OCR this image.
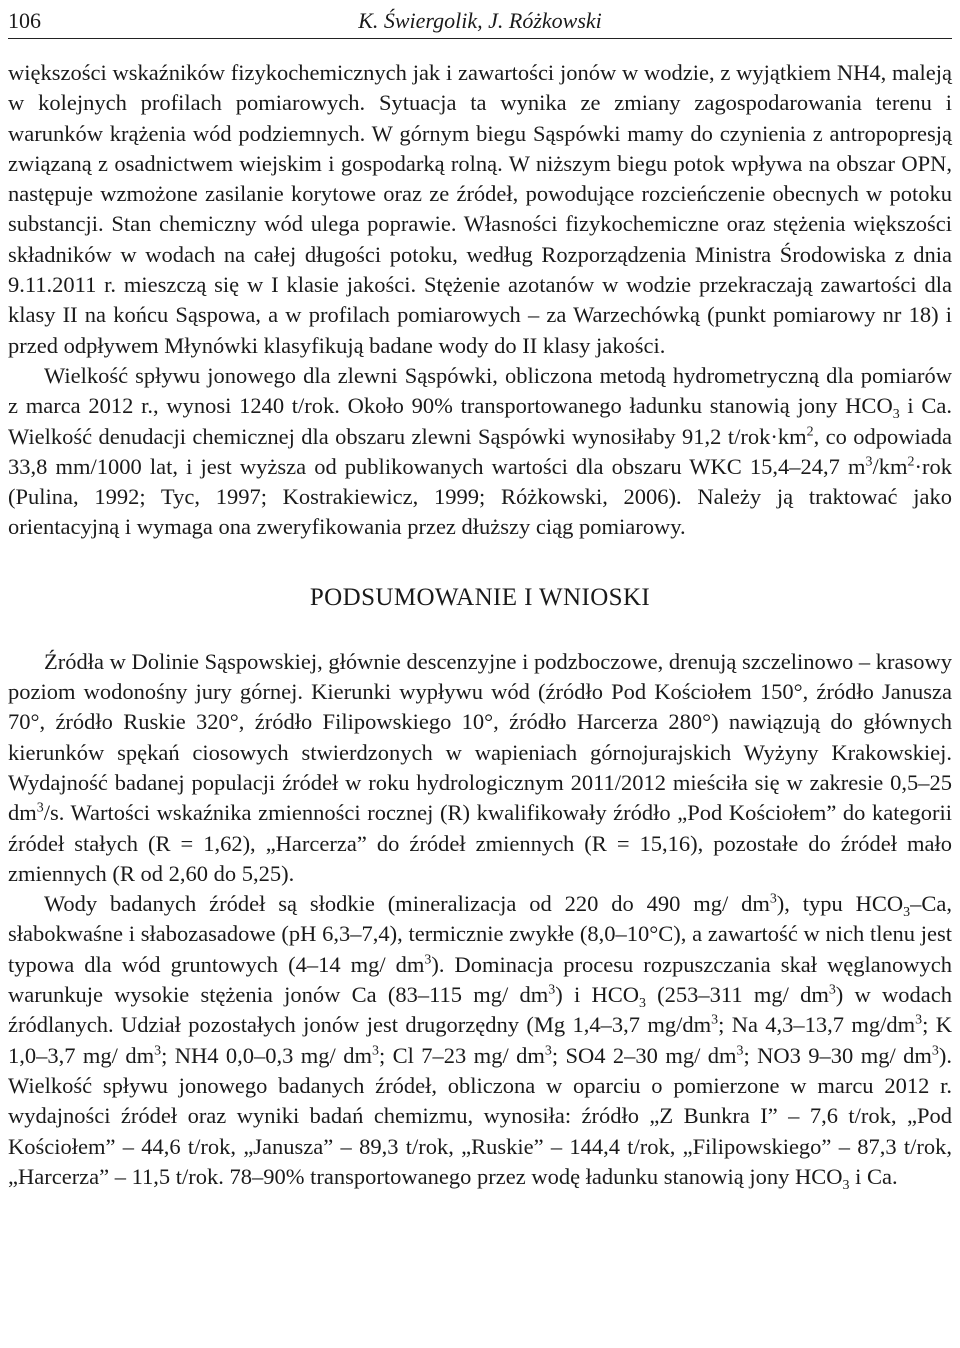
106	K. Świergolik, J. Różkowski

większości wskaźników fizykochemicznych jak i zawartości jonów w wodzie, z wyjątkiem NH4, maleją w kolejnych profilach pomiarowych. Sytuacja ta wynika ze zmiany zagospodarowania terenu i warunków krążenia wód podziemnych. W górnym biegu Sąspówki mamy do czynienia z antropopresją związaną z osadnictwem wiejskim i gospodarką rolną. W niższym biegu potok wpływa na obszar OPN, następuje wzmożone zasilanie korytowe oraz ze źródeł, powodujące rozcieńczenie obecnych w potoku substancji. Stan chemiczny wód ulega poprawie. Własności fizykochemiczne oraz stężenia większości składników w wodach na całej długości potoku, według Rozporządzenia Ministra Środowiska z dnia 9.11.2011 r. mieszczą się w I klasie jakości. Stężenie azotanów w wodzie przekraczają zawartości dla klasy II na końcu Sąspowa, a w profilach pomiarowych – za Warzechówką (punkt pomiarowy nr 18) i przed odpływem Młynówki klasyfikują badane wody do II klasy jakości.

Wielkość spływu jonowego dla zlewni Sąspówki, obliczona metodą hydrometryczną dla pomiarów z marca 2012 r., wynosi 1240 t/rok. Około 90% transportowanego ładunku stanowią jony $HCO_3$ i Ca. Wielkość denudacji chemicznej dla obszaru zlewni Sąspówki wynosiłaby 91,2 $t/rok\cdot km^2$, co odpowiada 33,8 mm/1000 lat, i jest wyższa od publikowanych wartości dla obszaru WKC 15,4–24,7 $m^3/km^2\cdot rok$ (Pulina, 1992; Tyc, 1997; Kostrakiewicz, 1999; Różkowski, 2006). Należy ją traktować jako orientacyjną i wymaga ona zweryfikowania przez dłuższy ciąg pomiarowy.

PODSUMOWANIE I WNIOSKI

Źródła w Dolinie Sąspowskiej, głównie descenzyjne i podzboczowe, drenują szczelinowo – krasowy poziom wodonośny jury górnej. Kierunki wypływu wód (źródło Pod Kościołem 150°, źródło Janusza 70°, źródło Ruskie 320°, źródło Filipowskiego 10°, źródło Harcerza 280°) nawiązują do głównych kierunków spękań ciosowych stwierdzonych w wapieniach górnojurajskich Wyżyny Krakowskiej. Wydajność badanej populacji źródeł w roku hydrologicznym 2011/2012 mieściła się w zakresie 0,5–25 $dm^3/s$. Wartości wskaźnika zmienności rocznej (R) kwalifikowały źródło „Pod Kościołem” do kategorii źródeł stałych (R = 1,62), „Harcerza” do źródeł zmiennych (R = 15,16), pozostałe do źródeł mało zmiennych (R od 2,60 do 5,25).

Wody badanych źródeł są słodkie (mineralizacja od 220 do 490 mg/ $dm^3$), typu $HCO_3-Ca$, słabokwaśne i słabozasadowe (pH 6,3–7,4), termicznie zwykłe (8,0–10°C), a zawartość w nich tlenu jest typowa dla wód gruntowych (4–14 mg/ $dm^3$). Dominacja procesu rozpuszczania skał węglanowych warunkuje wysokie stężenia jonów Ca (83–115 mg/ $dm^3$) i $HCO_3$ (253–311 mg/ $dm^3$) w wodach źródlanych. Udział pozostałych jonów jest drugorzędny (Mg 1,4–3,7 $mg/dm^3$; Na 4,3–13,7 $mg/dm^3$; K 1,0–3,7 mg/ $dm^3$; NH4 0,0–0,3 mg/ $dm^3$; Cl 7–23 mg/ $dm^3$; SO4 2–30 mg/ $dm^3$; NO3 9–30 mg/ $dm^3$). Wielkość spływu jonowego badanych źródeł, obliczona w oparciu o pomierzone w marcu 2012 r. wydajności źródeł oraz wyniki badań chemizmu, wynosiła: źródło „Z Bunkra I” – 7,6 t/rok, „Pod Kościołem” – 44,6 t/rok, „Janusza” – 89,3 t/rok, „Ruskie” – 144,4 t/rok, „Filipowskiego” – 87,3 t/rok, „Harcerza” – 11,5 t/rok. 78–90% transportowanego przez wodę ładunku stanowią jony $HCO_3$ i Ca.
